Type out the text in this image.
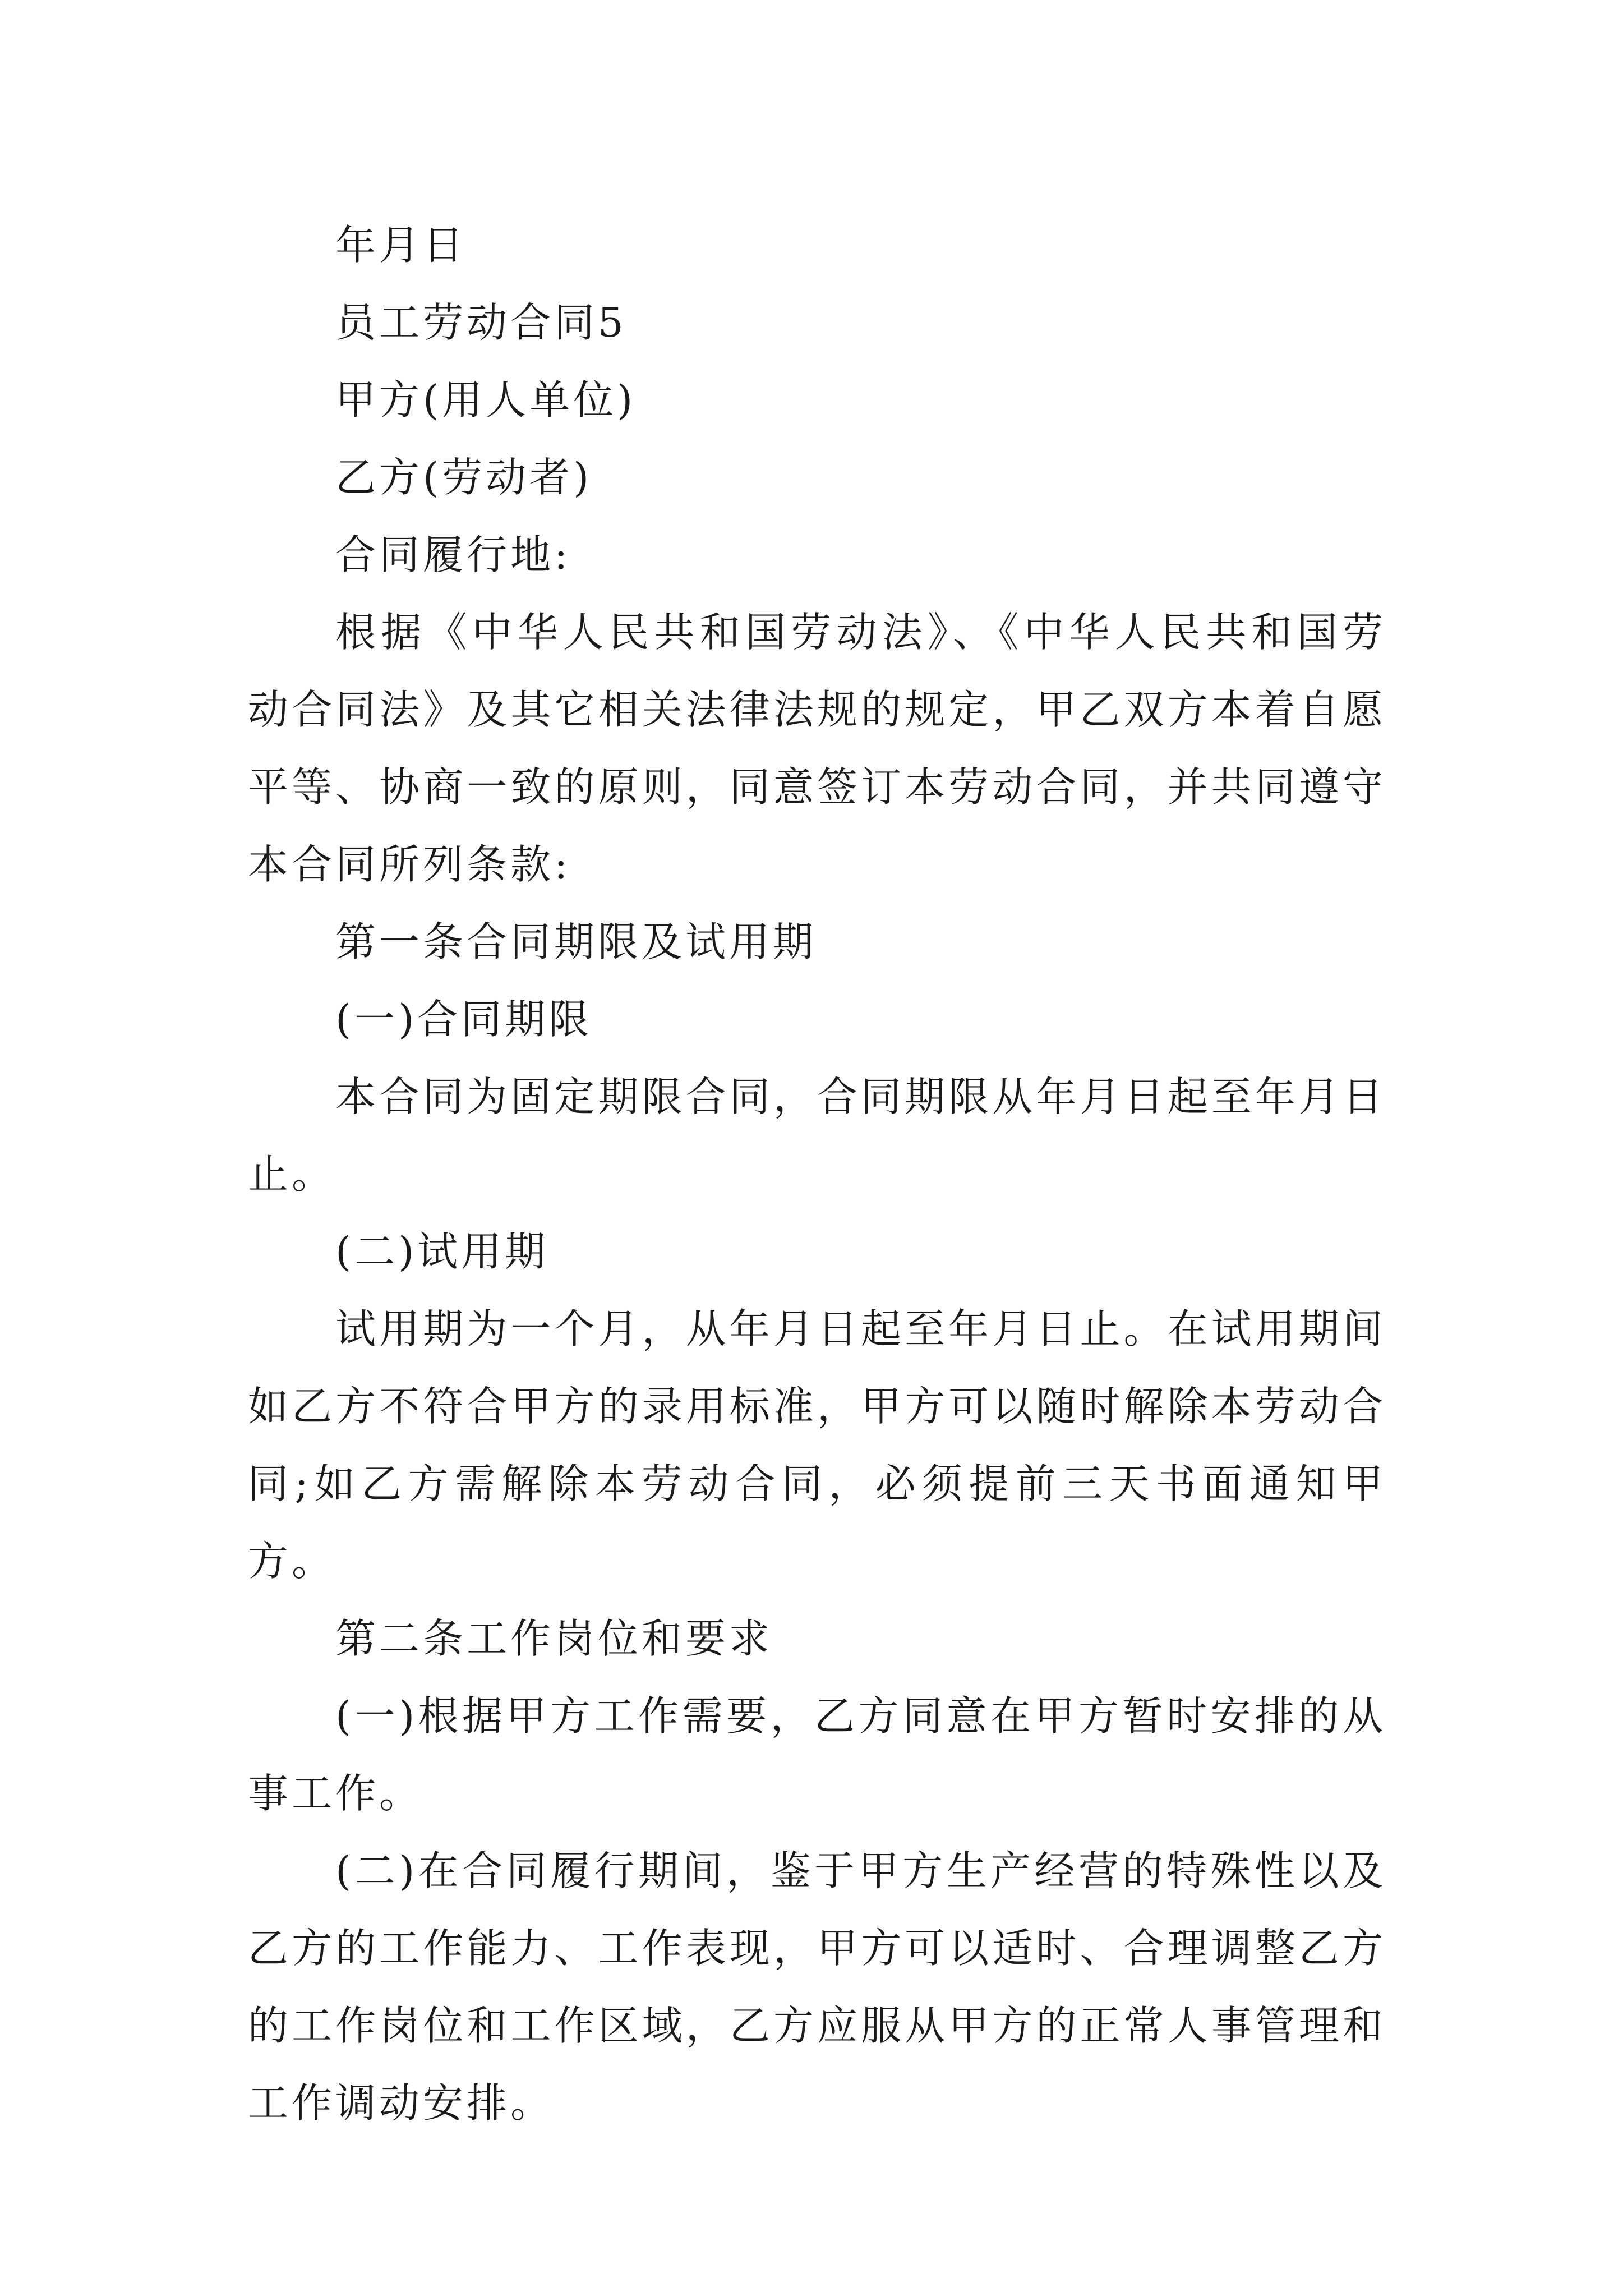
年月日

员工劳动合同5

甲方(用人单位)

乙方(劳动者)

合同履行地:

根据《中华人民共和国劳动法》、《中华人民共和国劳动合同法》及其它相关法律法规的规定，甲乙双方本着自愿平等、协商一致的原则，同意签订本劳动合同，并共同遵守本合同所列条款:

第一条合同期限及试用期

(一)合同期限

本合同为固定期限合同，合同期限从年月日起至年月日止。

(二)试用期

试用期为一个月，从年月日起至年月日止。在试用期间如乙方不符合甲方的录用标准，甲方可以随时解除本劳动合同;如乙方需解除本劳动合同，必须提前三天书面通知甲方。

第二条工作岗位和要求

(一)根据甲方工作需要，乙方同意在甲方暂时安排的从事工作。

(二)在合同履行期间，鉴于甲方生产经营的特殊性以及乙方的工作能力、工作表现，甲方可以适时、合理调整乙方的工作岗位和工作区域，乙方应服从甲方的正常人事管理和工作调动安排。
